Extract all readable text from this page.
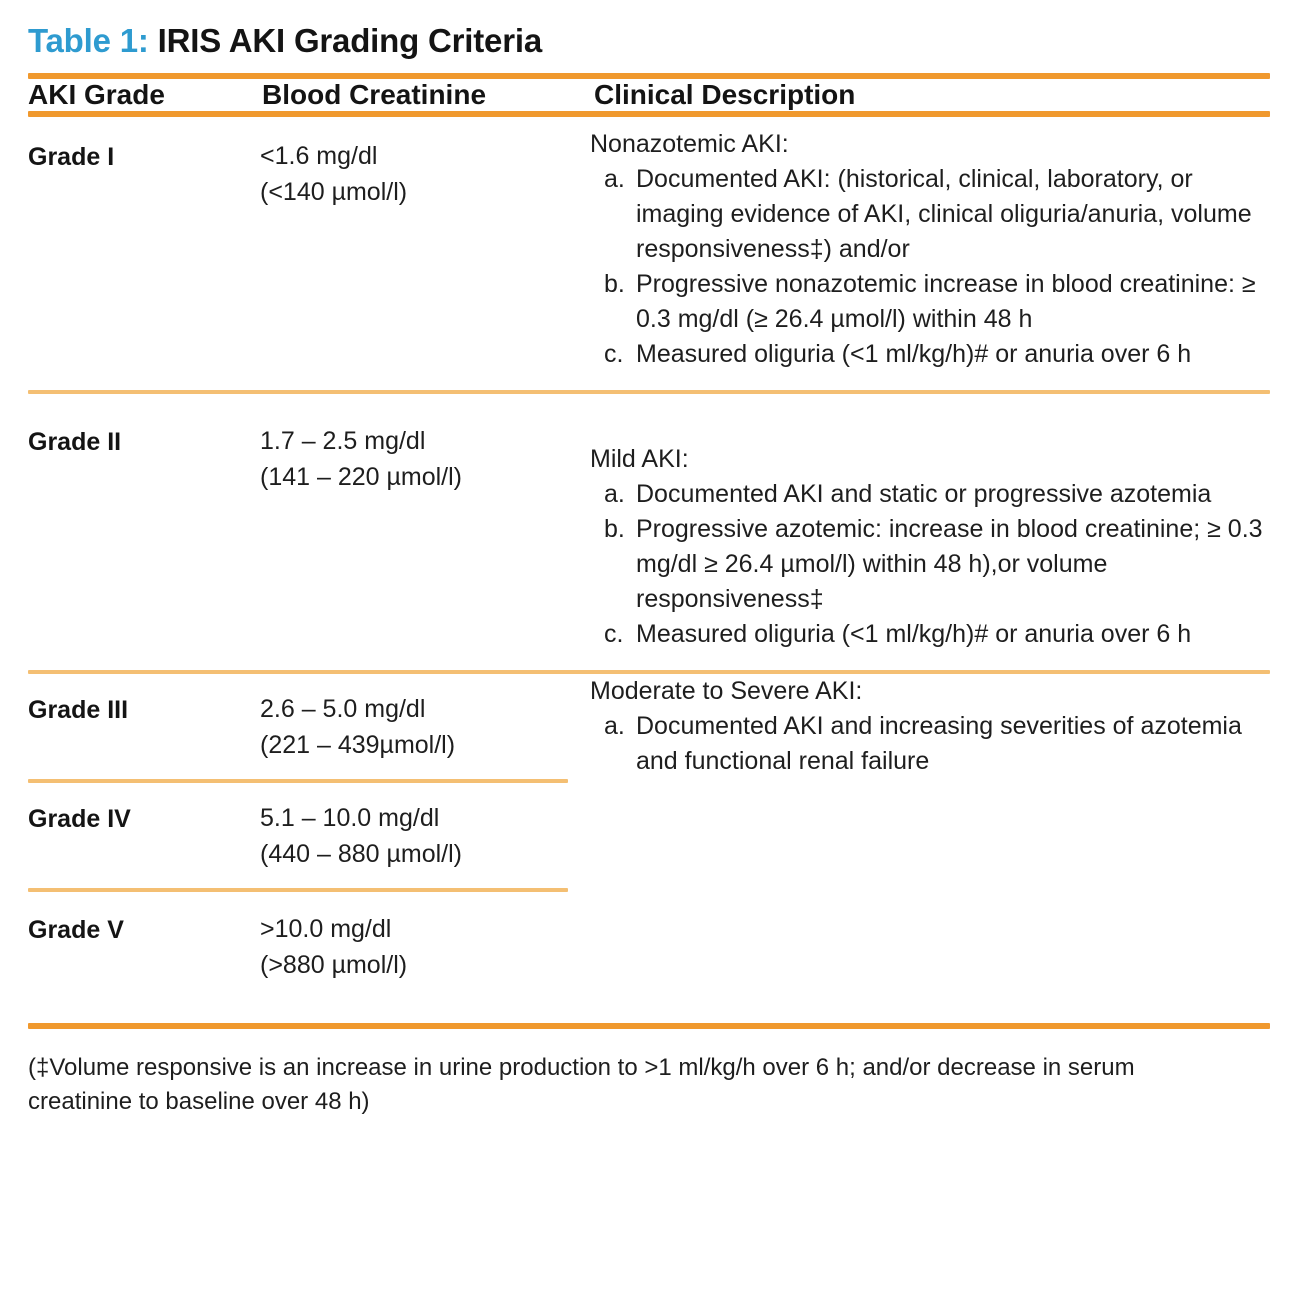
Table 1: IRIS AKI Grading Criteria
AKI Grade	Blood Creatinine	Clinical Description

Grade I	<1.6 mg/dl
(<140 µmol/l)

Nonazotemic AKI:
a. Documented AKI: (historical, clinical, laboratory, or imaging evidence of AKI, clinical oliguria/anuria, volume responsiveness‡) and/or
b. Progressive nonazotemic increase in blood creatinine: ≥ 0.3 mg/dl (≥ 26.4 µmol/l) within 48 h
c. Measured oliguria (<1 ml/kg/h)# or anuria over 6 h

Grade II	1.7 – 2.5 mg/dl
(141 – 220 µmol/l)

Mild AKI:
a. Documented AKI and static or progressive azotemia
b. Progressive azotemic: increase in blood creatinine; ≥ 0.3 mg/dl ≥ 26.4 µmol/l) within 48 h),or volume responsiveness‡
c. Measured oliguria (<1 ml/kg/h)# or anuria over 6 h

Grade III	2.6 – 5.0 mg/dl
(221 – 439µmol/l)

Moderate to Severe AKI:
a. Documented AKI and increasing severities of azotemia and functional renal failure

Grade IV	5.1 – 10.0 mg/dl
(440 – 880 µmol/l)	

Grade V	>10.0 mg/dl
(>880 µmol/l)	
(‡Volume responsive is an increase in urine production to >1 ml/kg/h over 6 h; and/or decrease in serum creatinine to baseline over 48 h)
